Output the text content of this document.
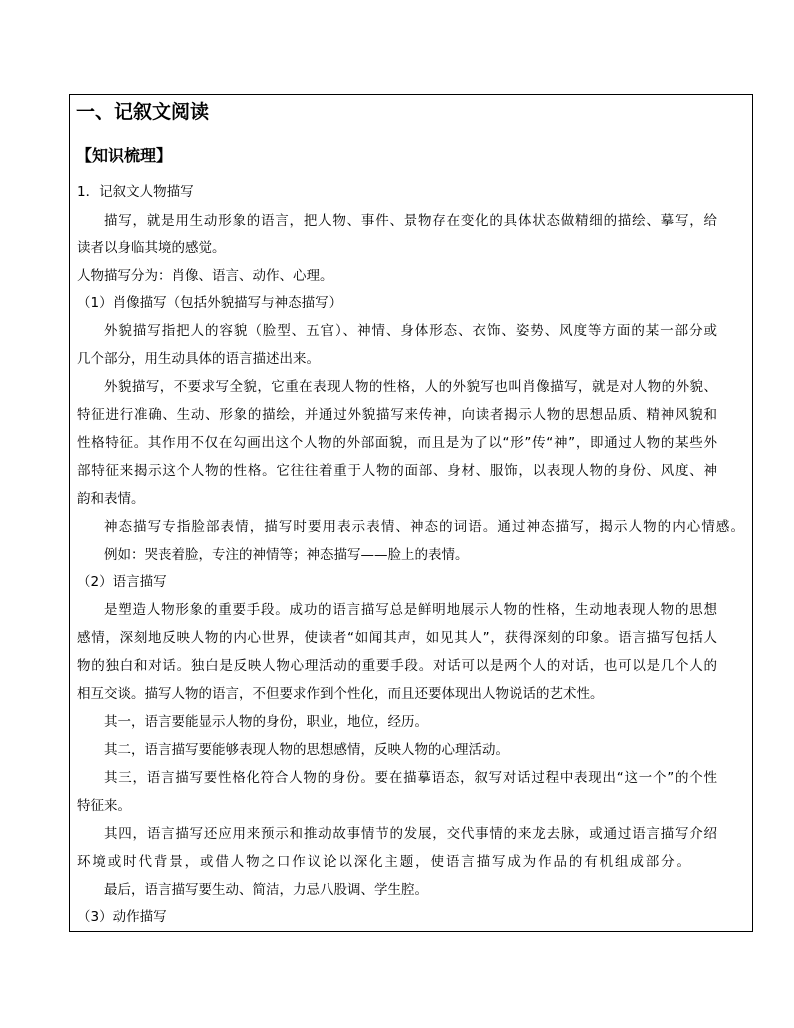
一、记叙文阅读
【知识梳理】
1．记叙文人物描写
描写，就是用生动形象的语言，把人物、事件、景物存在变化的具体状态做精细的描绘、摹写，给
读者以身临其境的感觉。
人物描写分为：肖像、语言、动作、心理。
（1）肖像描写（包括外貌描写与神态描写）
外貌描写指把人的容貌（脸型、五官）、神情、身体形态、衣饰、姿势、风度等方面的某一部分或
几个部分，用生动具体的语言描述出来。
外貌描写，不要求写全貌，它重在表现人物的性格，人的外貌写也叫肖像描写，就是对人物的外貌、
特征进行准确、生动、形象的描绘，并通过外貌描写来传神，向读者揭示人物的思想品质、精神风貌和
性格特征。其作用不仅在勾画出这个人物的外部面貌，而且是为了以“形”传“神”，即通过人物的某些外
部特征来揭示这个人物的性格。它往往着重于人物的面部、身材、服饰，以表现人物的身份、风度、神
韵和表情。
神态描写专指脸部表情，描写时要用表示表情、神态的词语。通过神态描写，揭示人物的内心情感。
例如：哭丧着脸，专注的神情等；神态描写——脸上的表情。
（2）语言描写
是塑造人物形象的重要手段。成功的语言描写总是鲜明地展示人物的性格，生动地表现人物的思想
感情，深刻地反映人物的内心世界，使读者“如闻其声，如见其人”，获得深刻的印象。语言描写包括人
物的独白和对话。独白是反映人物心理活动的重要手段。对话可以是两个人的对话，也可以是几个人的
相互交谈。描写人物的语言，不但要求作到个性化，而且还要体现出人物说话的艺术性。
其一，语言要能显示人物的身份，职业，地位，经历。
其二，语言描写要能够表现人物的思想感情，反映人物的心理活动。
其三，语言描写要性格化符合人物的身份。要在描摹语态，叙写对话过程中表现出“这一个”的个性
特征来。
其四，语言描写还应用来预示和推动故事情节的发展，交代事情的来龙去脉，或通过语言描写介绍
环境或时代背景，或借人物之口作议论以深化主题，使语言描写成为作品的有机组成部分。
最后，语言描写要生动、简洁，力忌八股调、学生腔。
（3）动作描写
